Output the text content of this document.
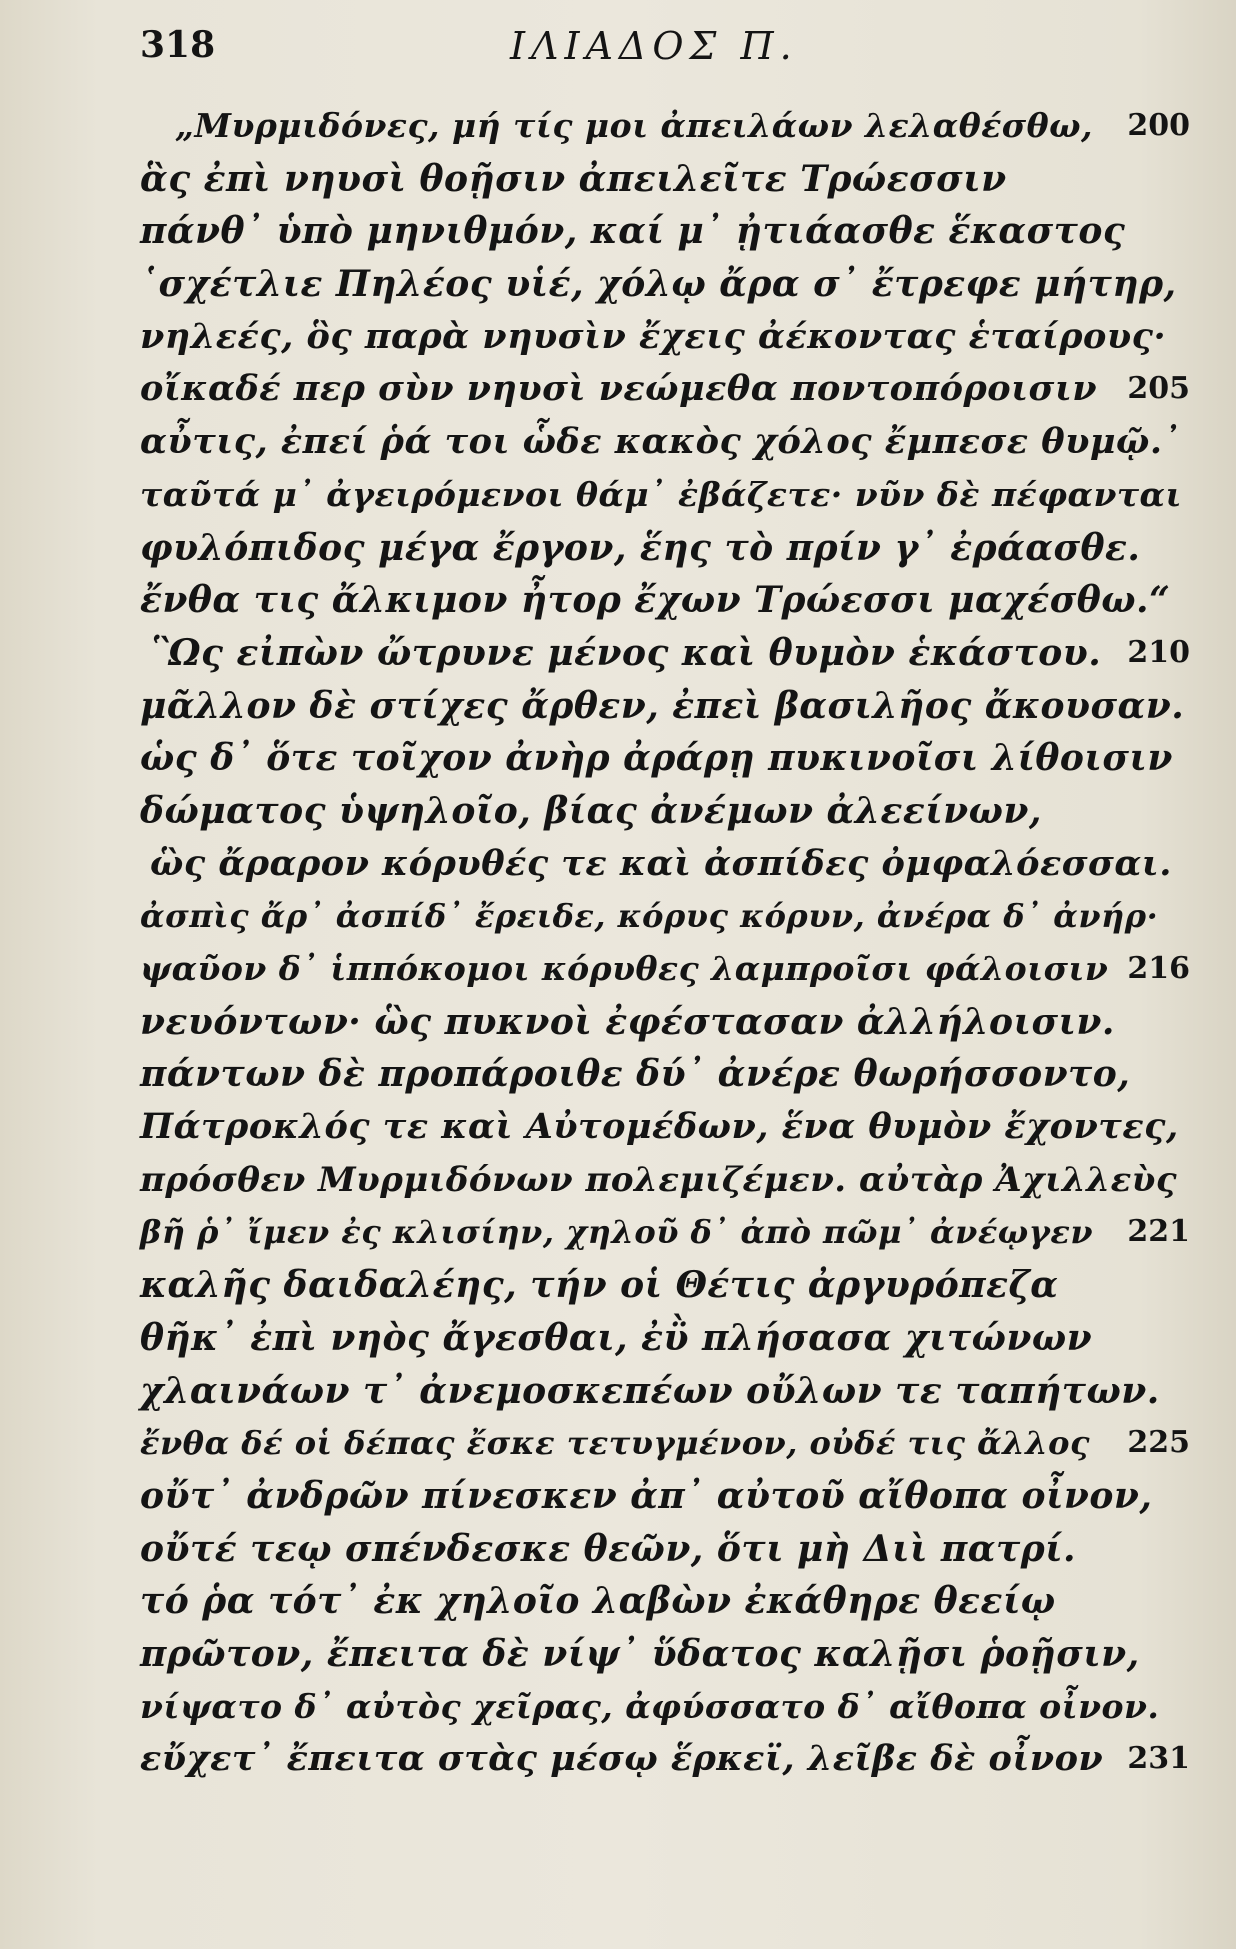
318	ΙΛΙΑΔΟΣ Π.
„Μυρμιδόνες, μή τίς μοι ἀπειλάων λελαθέσθω, 200
ἃς ἐπὶ νηυσὶ θοῇσιν ἀπειλεῖτε Τρώεσσιν
πάνθ᾽ ὑπὸ μηνιθμόν, καί μ᾽ ᾐτιάασθε ἕκαστος
῾σχέτλιε Πηλέος υἱέ, χόλῳ ἄρα σ᾽ ἔτρεφε μήτηρ,
νηλεές, ὃς παρὰ νηυσὶν ἔχεις ἀέκοντας ἑταίρους·
οἴκαδέ περ σὺν νηυσὶ νεώμεθα ποντοπόροισιν 205
αὖτις, ἐπεί ῥά τοι ὧδε κακὸς χόλος ἔμπεσε θυμῷ.᾽
ταῦτά μ᾽ ἀγειρόμενοι θάμ᾽ ἐβάζετε· νῦν δὲ πέφανται
φυλόπιδος μέγα ἔργον, ἕης τὸ πρίν γ᾽ ἐράασθε.
ἔνθα τις ἄλκιμον ἦτορ ἔχων Τρώεσσι μαχέσθω.“
῝Ως εἰπὼν ὤτρυνε μένος καὶ θυμὸν ἑκάστου. 210
μᾶλλον δὲ στίχες ἄρθεν, ἐπεὶ βασιλῆος ἄκουσαν.
ὡς δ᾽ ὅτε τοῖχον ἀνὴρ ἀράρῃ πυκινοῖσι λίθοισιν
δώματος ὑψηλοῖο, βίας ἀνέμων ἀλεείνων,
ὣς ἄραρον κόρυθές τε καὶ ἀσπίδες ὀμφαλόεσσαι.
ἀσπὶς ἄρ᾽ ἀσπίδ᾽ ἔρειδε, κόρυς κόρυν, ἀνέρα δ᾽ ἀνήρ·
ψαῦον δ᾽ ἱππόκομοι κόρυθες λαμπροῖσι φάλοισιν 216
νευόντων· ὣς πυκνοὶ ἐφέστασαν ἀλλήλοισιν.
πάντων δὲ προπάροιθε δύ᾽ ἀνέρε θωρήσσοντο,
Πάτροκλός τε καὶ Αὐτομέδων, ἕνα θυμὸν ἔχοντες,
πρόσθεν Μυρμιδόνων πολεμιζέμεν. αὐτὰρ Ἀχιλλεὺς
βῆ ῥ᾽ ἴμεν ἐς κλισίην, χηλοῦ δ᾽ ἀπὸ πῶμ᾽ ἀνέῳγεν 221
καλῆς δαιδαλέης, τήν οἱ Θέτις ἀργυρόπεζα
θῆκ᾽ ἐπὶ νηὸς ἄγεσθαι, ἐῢ πλήσασα χιτώνων
χλαινάων τ᾽ ἀνεμοσκεπέων οὔλων τε ταπήτων.
ἔνθα δέ οἱ δέπας ἔσκε τετυγμένον, οὐδέ τις ἄλλος 225
οὔτ᾽ ἀνδρῶν πίνεσκεν ἀπ᾽ αὐτοῦ αἴθοπα οἶνον,
οὔτέ τεῳ σπένδεσκε θεῶν, ὅτι μὴ Διὶ πατρί.
τό ῥα τότ᾽ ἐκ χηλοῖο λαβὼν ἐκάθηρε θεείῳ
πρῶτον, ἔπειτα δὲ νίψ᾽ ὕδατος καλῇσι ῥοῇσιν,
νίψατο δ᾽ αὐτὸς χεῖρας, ἀφύσσατο δ᾽ αἴθοπα οἶνον.
εὔχετ᾽ ἔπειτα στὰς μέσῳ ἕρκεϊ, λεῖβε δὲ οἶνον 231
